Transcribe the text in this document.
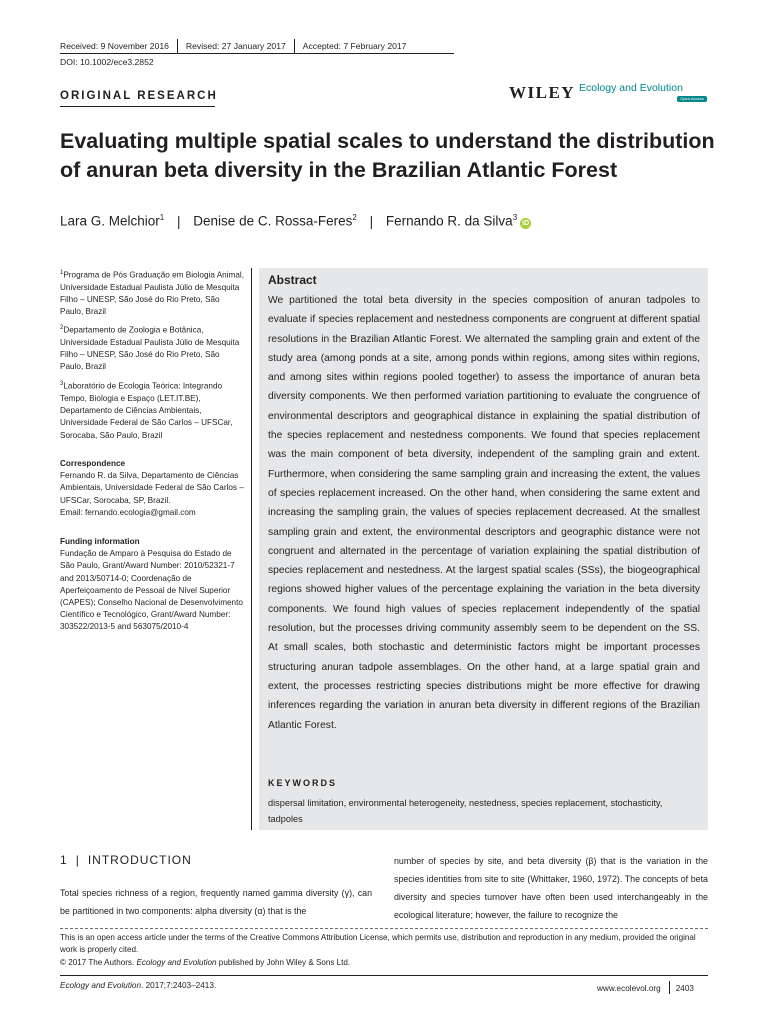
Received: 9 November 2016 Revised: 27 January 2017 Accepted: 7 February 2017
DOI: 10.1002/ece3.2852
ORIGINAL RESEARCH	WILEY Ecology and Evolution
Open Access
Evaluating multiple spatial scales to understand the distribution of anuran beta diversity in the Brazilian Atlantic Forest
Lara G. Melchior$^1$ | Denise de C. Rossa-Feres$^2$ | Fernando R. da Silva$^3$iD
$^1$Programa de Pós Graduação em Biologia Animal, Universidade Estadual Paulista Júlio de Mesquita Filho – UNESP, São José do Rio Preto, São Paulo, Brazil
$^2$Departamento de Zoologia e Botânica, Universidade Estadual Paulista Júlio de Mesquita Filho – UNESP, São José do Rio Preto, São Paulo, Brazil
$^3$Laboratório de Ecologia Teórica: Integrando Tempo, Biologia e Espaço (LET.IT.BE), Departamento de Ciências Ambientais, Universidade Federal de São Carlos – UFSCar, Sorocaba, São Paulo, Brazil
Correspondence
Fernando R. da Silva, Departamento de Ciências Ambientais, Universidade Federal de São Carlos – UFSCar, Sorocaba, SP, Brazil.
Email: fernando.ecologia@gmail.com
Funding information
Fundação de Amparo à Pesquisa do Estado de São Paulo, Grant/Award Number: 2010/52321-7 and 2013/50714-0; Coordenação de Aperfeiçoamento de Pessoal de Nível Superior (CAPES); Conselho Nacional de Desenvolvimento Científico e Tecnológico, Grant/Award Number: 303522/2013-5 and 563075/2010-4
Abstract
We partitioned the total beta diversity in the species composition of anuran tadpoles to evaluate if species replacement and nestedness components are congruent at different spatial resolutions in the Brazilian Atlantic Forest. We alternated the sampling grain and extent of the study area (among ponds at a site, among ponds within regions, among sites within regions, and among sites within regions pooled together) to assess the importance of anuran beta diversity components. We then performed variation partitioning to evaluate the congruence of environmental descriptors and geographical distance in explaining the spatial distribution of the species replacement and nestedness components. We found that species replacement was the main component of beta diversity, independent of the sampling grain and extent. Furthermore, when considering the same sampling grain and increasing the extent, the values of species replacement increased. On the other hand, when considering the same extent and increasing the sampling grain, the values of species replacement decreased. At the smallest sampling grain and extent, the environmental descriptors and geographic distance were not congruent and alternated in the percentage of variation explaining the spatial distribution of species replacement and nestedness. At the largest spatial scales (SSs), the biogeographical regions showed higher values of the percentage explaining the variation in the beta diversity components. We found high values of species replacement independently of the spatial resolution, but the processes driving community assembly seem to be dependent on the SS. At small scales, both stochastic and deterministic factors might be important processes structuring anuran tadpole assemblages. On the other hand, at a large spatial grain and extent, the processes restricting species distributions might be more effective for drawing inferences regarding the variation in anuran beta diversity in different regions of the Brazilian Atlantic Forest.
KEYWORDS
dispersal limitation, environmental heterogeneity, nestedness, species replacement, stochasticity, tadpoles
1 | INTRODUCTION
Total species richness of a region, frequently named gamma diversity (γ), can be partitioned in two components: alpha diversity (α) that is the
number of species by site, and beta diversity (β) that is the variation in the species identities from site to site (Whittaker, 1960, 1972). The concepts of beta diversity and species turnover have often been used interchangeably in the ecological literature; however, the failure to recognize the
This is an open access article under the terms of the Creative Commons Attribution License, which permits use, distribution and reproduction in any medium, provided the original work is properly cited.
© 2017 The Authors. Ecology and Evolution published by John Wiley & Sons Ltd.
Ecology and Evolution. 2017;7:2403–2413.	www.ecolevol.org 2403
